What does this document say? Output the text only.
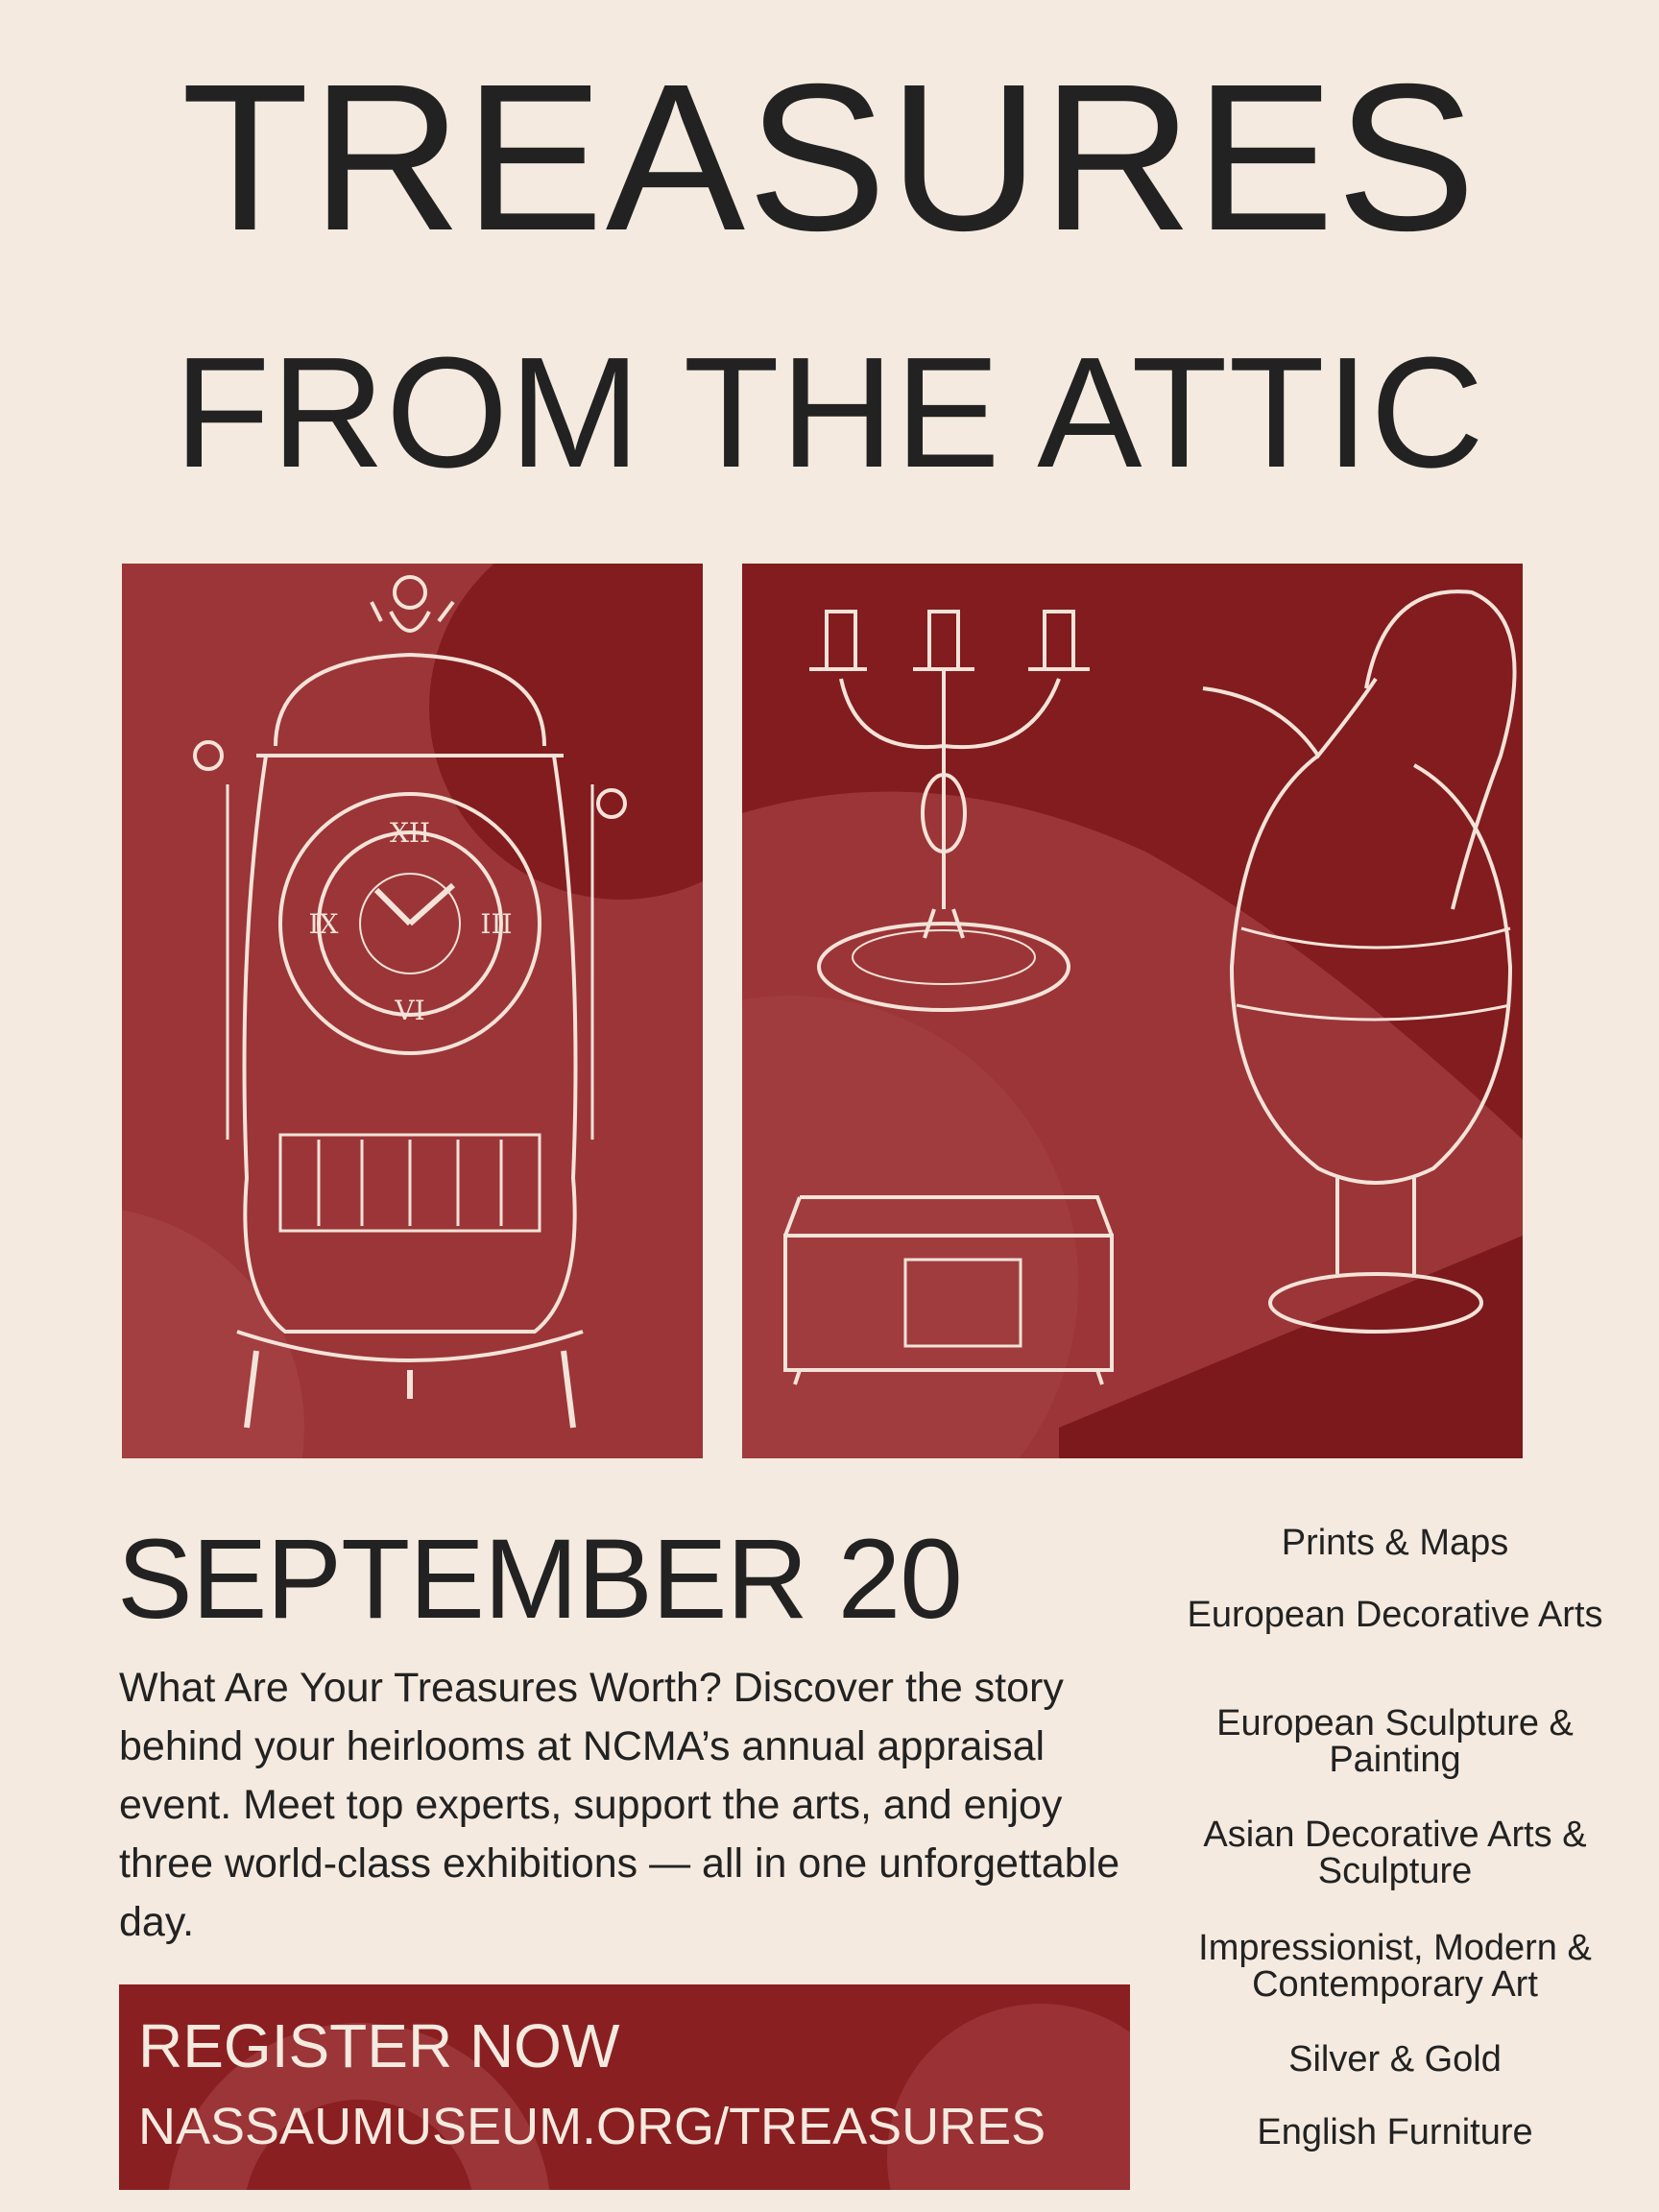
TREASURES
FROM THE ATTIC
XII
III
VI
IX
SEPTEMBER 20
What Are Your Treasures Worth? Discover the story behind your heirlooms at NCMA’s annual appraisal event. Meet top experts, support the arts, and enjoy three world-class exhibitions — all in one unforgettable day.
REGISTER NOW
NASSAUMUSEUM.ORG/TREASURES
Prints & Maps
European Decorative Arts
European Sculpture & Painting
Asian Decorative Arts & Sculpture
Impressionist, Modern & Contemporary Art
Silver & Gold
English Furniture
